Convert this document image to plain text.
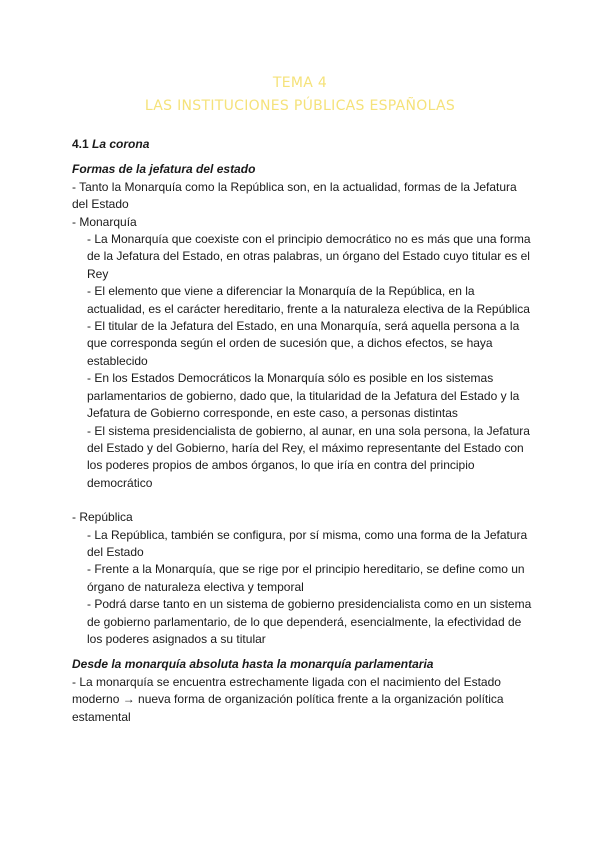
TEMA 4
LAS INSTITUCIONES PÚBLICAS ESPAÑOLAS

4.1 La corona

Formas de la jefatura del estado

- Tanto la Monarquía como la República son, en la actualidad, formas de la Jefatura del Estado

- Monarquía

- La Monarquía que coexiste con el principio democrático no es más que una forma de la Jefatura del Estado, en otras palabras, un órgano del Estado cuyo titular es el Rey

- El elemento que viene a diferenciar la Monarquía de la República, en la actualidad, es el carácter hereditario, frente a la naturaleza electiva de la República

- El titular de la Jefatura del Estado, en una Monarquía, será aquella persona a la que corresponda según el orden de sucesión que, a dichos efectos, se haya establecido

- En los Estados Democráticos la Monarquía sólo es posible en los sistemas parlamentarios de gobierno, dado que, la titularidad de la Jefatura del Estado y la Jefatura de Gobierno corresponde, en este caso, a personas distintas

- El sistema presidencialista de gobierno, al aunar, en una sola persona, la Jefatura del Estado y del Gobierno, haría del Rey, el máximo representante del Estado con los poderes propios de ambos órganos, lo que iría en contra del principio democrático

- República

- La República, también se configura, por sí misma, como una forma de la Jefatura del Estado

- Frente a la Monarquía, que se rige por el principio hereditario, se define como un órgano de naturaleza electiva y temporal

- Podrá darse tanto en un sistema de gobierno presidencialista como en un sistema de gobierno parlamentario, de lo que dependerá, esencialmente, la efectividad de los poderes asignados a su titular

Desde la monarquía absoluta hasta la monarquía parlamentaria

- La monarquía se encuentra estrechamente ligada con el nacimiento del Estado moderno → nueva forma de organización política frente a la organización política estamental
